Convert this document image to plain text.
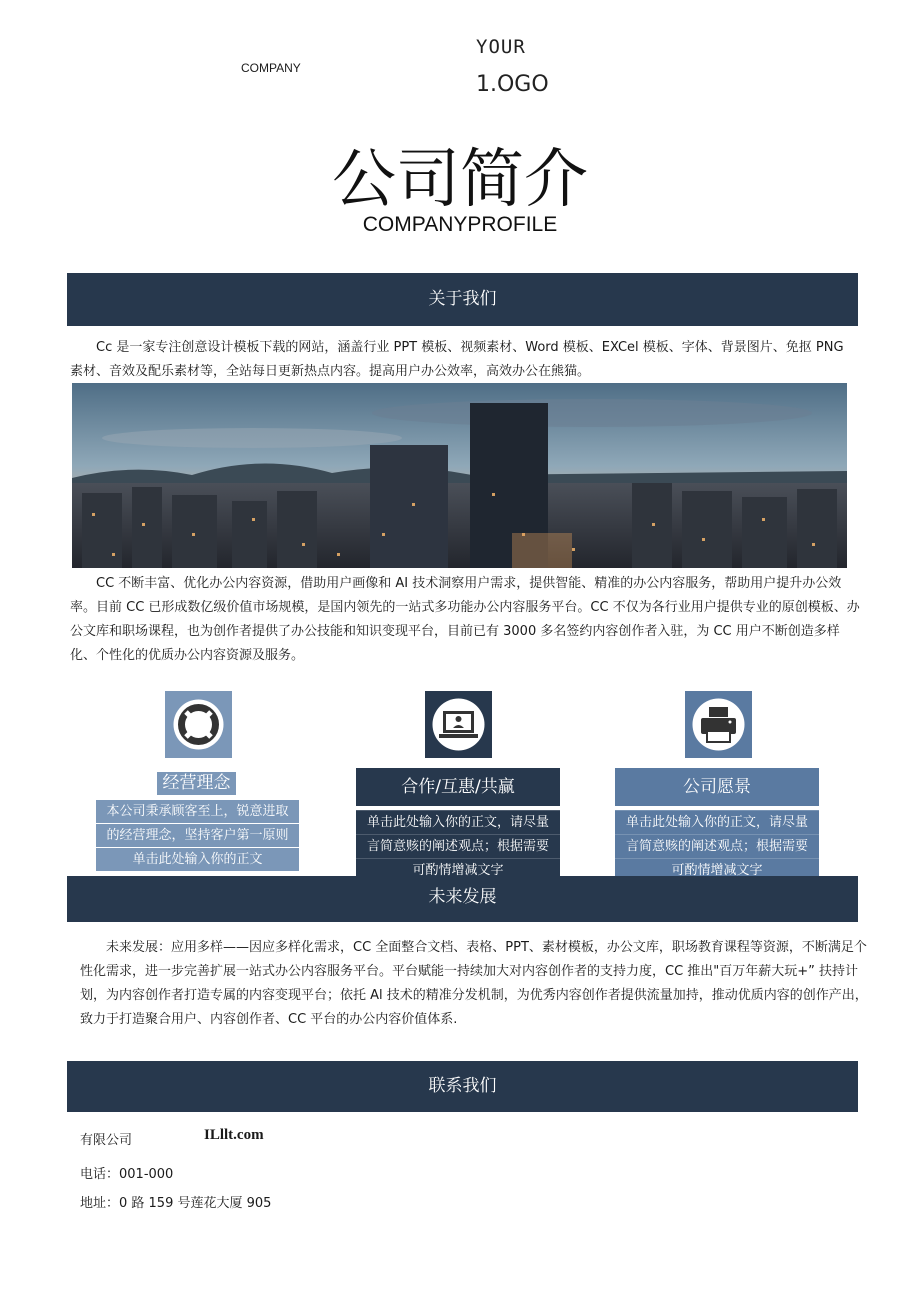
COMPANY
YOUR
1.OGO
公司简介
COMPANYPROFILE
关于我们
Cc 是一家专注创意设计模板下载的网站，涵盖行业 PPT 模板、视频素材、Word 模板、EXCel 模板、字体、背景图片、免抠 PNG 素材、音效及配乐素材等，全站每日更新热点内容。提高用户办公效率，高效办公在熊猫。
CC 不断丰富、优化办公内容资源，借助用户画像和 AI 技术洞察用户需求，提供智能、精准的办公内容服务，帮助用户提升办公效率。目前 CC 已形成数亿级价值市场规模，是国内领先的一站式多功能办公内容服务平台。CC 不仅为各行业用户提供专业的原创模板、办公文库和职场课程，也为创作者提供了办公技能和知识变现平台，目前已有 3000 多名签约内容创作者入驻，为 CC 用户不断创造多样化、个性化的优质办公内容资源及服务。
经营理念	合作/互惠/共赢	公司愿景
本公司秉承顾客至上，锐意进取
的经营理念，坚持客户第一原则
单击此处输入你的正文
单击此处输入你的正文，请尽量
言简意赅的阐述观点；根据需要
可酌情增减文字
单击此处输入你的正文，请尽量
言简意赅的阐述观点；根据需要
可酌情增减文字
未来发展
未来发展：应用多样——因应多样化需求，CC 全面整合文档、表格、PPT、素材模板，办公文库，职场教育课程等资源，不断满足个性化需求，进一步完善扩展一站式办公内容服务平台。平台赋能一持续加大对内容创作者的支持力度，CC 推出"百万年薪大玩+” 扶持计划，为内容创作者打造专属的内容变现平台；依托 Al 技术的精准分发机制，为优秀内容创作者提供流量加持，推动优质内容的创作产出，致力于打造聚合用户、内容创作者、CC 平台的办公内容价值体系.
联系我们
有限公司	ILllt.com
电话：001-000
地址：0 路 159 号莲花大厦 905
